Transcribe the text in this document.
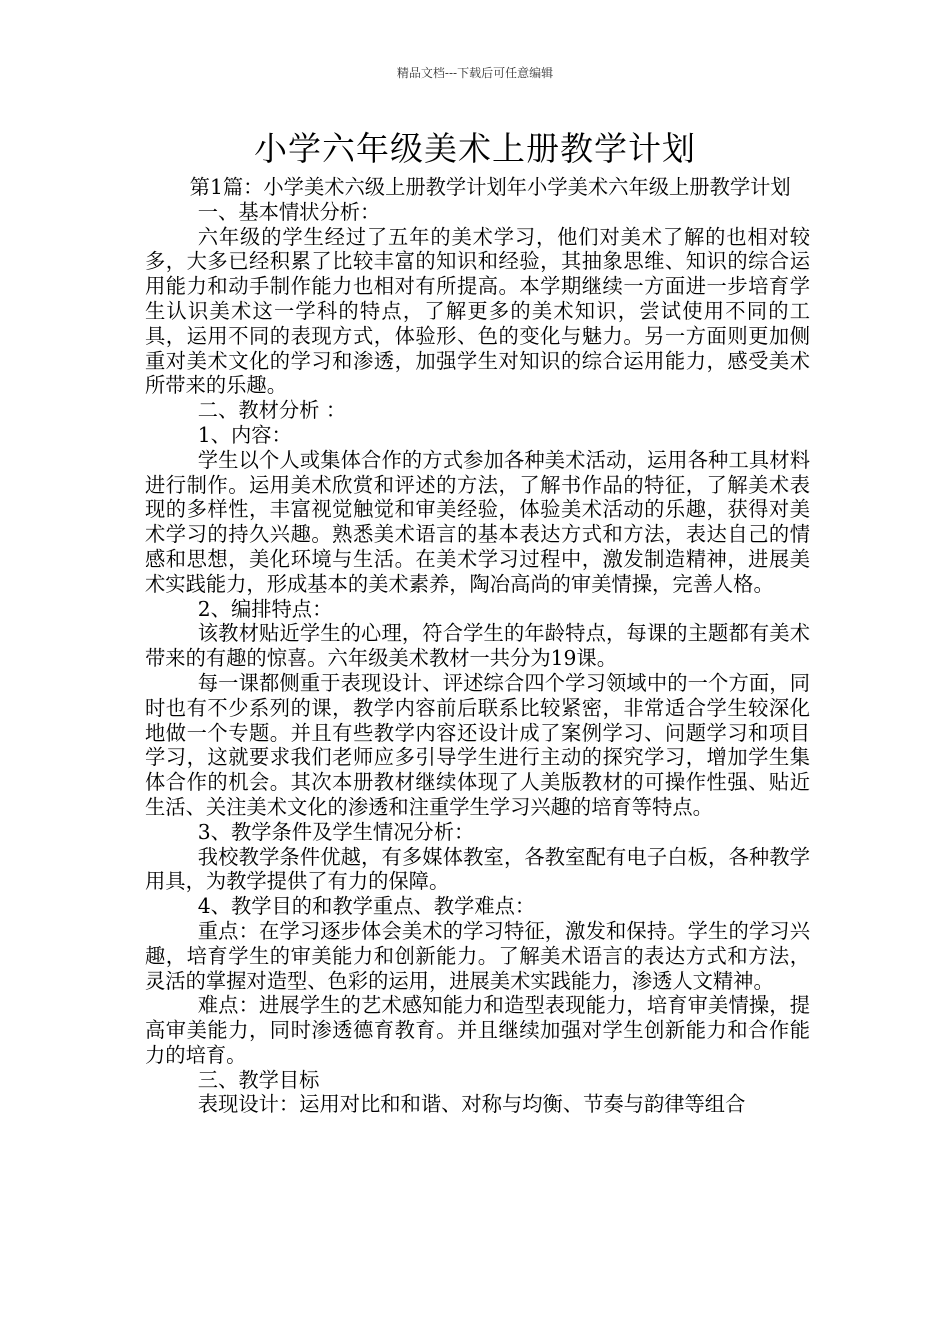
精品文档---下载后可任意编辑
小学六年级美术上册教学计划

第1篇：小学美术六级上册教学计划年小学美术六年级上册教学计划

一、基本情状分析：

六年级的学生经过了五年的美术学习，他们对美术了解的也相对较多，大多已经积累了比较丰富的知识和经验，其抽象思维、知识的综合运用能力和动手制作能力也相对有所提高。本学期继续一方面进一步培育学生认识美术这一学科的特点，了解更多的美术知识，尝试使用不同的工具，运用不同的表现方式，体验形、色的变化与魅力。另一方面则更加侧重对美术文化的学习和渗透，加强学生对知识的综合运用能力，感受美术所带来的乐趣。

二、教材分析 ：

1、内容：

学生以个人或集体合作的方式参加各种美术活动，运用各种工具材料进行制作。运用美术欣赏和评述的方法，了解书作品的特征，了解美术表现的多样性，丰富视觉触觉和审美经验，体验美术活动的乐趣，获得对美术学习的持久兴趣。熟悉美术语言的基本表达方式和方法，表达自己的情感和思想，美化环境与生活。在美术学习过程中，激发制造精神，进展美术实践能力，形成基本的美术素养，陶冶高尚的审美情操，完善人格。

2、编排特点：

该教材贴近学生的心理，符合学生的年龄特点，每课的主题都有美术带来的有趣的惊喜。六年级美术教材一共分为19课。

每一课都侧重于表现设计、评述综合四个学习领域中的一个方面，同时也有不少系列的课，教学内容前后联系比较紧密，非常适合学生较深化地做一个专题。并且有些教学内容还设计成了案例学习、问题学习和项目学习，这就要求我们老师应多引导学生进行主动的探究学习，增加学生集体合作的机会。其次本册教材继续体现了人美版教材的可操作性强、贴近生活、关注美术文化的渗透和注重学生学习兴趣的培育等特点。

3、教学条件及学生情况分析：

我校教学条件优越，有多媒体教室，各教室配有电子白板，各种教学用具，为教学提供了有力的保障。

4、教学目的和教学重点、教学难点：

重点：在学习逐步体会美术的学习特征，激发和保持。学生的学习兴趣，培育学生的审美能力和创新能力。了解美术语言的表达方式和方法，灵活的掌握对造型、色彩的运用，进展美术实践能力，渗透人文精神。

难点：进展学生的艺术感知能力和造型表现能力，培育审美情操，提高审美能力，同时渗透德育教育。并且继续加强对学生创新能力和合作能力的培育。

三、教学目标

表现设计：运用对比和和谐、对称与均衡、节奏与韵律等组合
